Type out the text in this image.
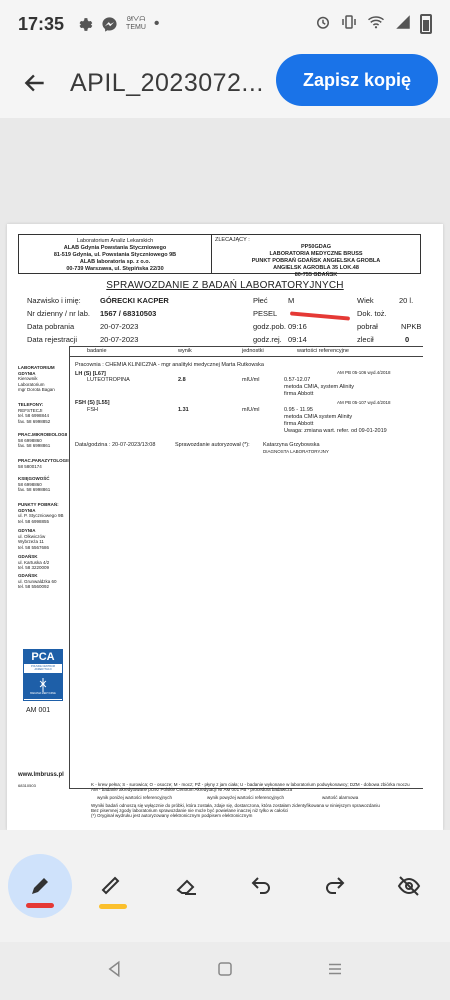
17:35	ᘛᐯᗩ
TEMU •
APIL_2023072...	Zapisz kopię
Laboratorium Analiz Lekarskich
ALAB Gdynia Powstania Styczniowego
81-519 Gdynia, ul. Powstania Styczniowego 9B
ALAB laboratoria sp. z o.o.
00-739 Warszawa, ul. Stępińska 22/30
ZLECAJĄCY :
PP50GDAG
LABORATORIA MEDYCZNE BRUSS
PUNKT POBRAŃ GDAŃSK ANGIELSKA GROBLA
ANGIELSK AGROBLA 35 LOK.48
80-755 GDAŃSK
SPRAWOZDANIE Z BADAŃ LABORATORYJNYCH
Nazwisko i imię:	GÓRECKI KACPER
Nr dzienny / nr lab. 1567 / 68310503
Data pobrania	20-07-2023
Data rejestracji	20-07-2023
Płeć	M
PESEL
godz.pob. 09:16
godz.rej. 09:14
Wiek	20 l.
Dok. toż.
pobrał	NPKB
zlecił	0
badanie	wynik	jednostki	wartości referencyjne
Pracownia : CHEMIA KLINICZNA - mgr analityki medycznej Marta Rutkowska
AM PB 05-106 wyd.4/2018
LH (S) [L67]
LUTEOTROPINA	2.8	mIU/ml	0.57-12.07
metoda CMIA, system Alinity
firma Abbott
AM PB 05-107 wyd.4/2018
FSH (S) [L55]
FSH	1.31	mIU/ml	0.95 - 11.95
metoda CMIA system Alinity
firma Abbott
Uwaga: zmiana wart. refer. od 09-01-2019
Data/godzina : 20-07-2023/13:08	Sprawozdanie autoryzował (*): Katarzyna Grzybowska
DIAGNOSTA LABORATORYJNY
LABORATORIUM GDYNIA
Kierownik
Laboratorium
mgr Dorota Bagan
TELEFONY:
REFSTECJI
tel. 58 6998844
fax. 58 6998852
PRAC.MIKROBIOLOGII
58 6998860
fax. 58 6998861
PRAC.PARAZYTOLOGII
58 5800174
KSIĘGOWOŚĆ
58 6998860
fax. 58 6998861
PUNKTY POBRAŃ:
GDYNIA
ul. P. Styczniowego 9B
tel. 58 6998855
GDYNIA
ul. Olkwiczów
Wybrzeża 11
tel. 58 5567686
GDAŃSK
ul. Kartuska 4/2
tel. 58 3220009
GDAŃSK
ul. Grunwaldzka 60
tel. 58 5560092
PCA
POLSKIE CENTRUM AKREDYTACJI
BADANIA MEDYCZNE
AM 001
www.lmbruss.pl
68310503	K - krew pełna; S - surowica; O - osocze; M - mocz; PŻ - płyny z jam ciała; U - badanie wykonane w laboratorium podwykonawcy; DZM - dobowa zbiórka moczu
AM - badanie akredytowane przez Polskie Centrum Akredytacji Nr AM 001 PB - procedura badawcza
wynik poniżej wartości referencyjnych	wynik powyżej wartości referencyjnych	wartość alarmowa
Wyniki badań odnoszą się wyłącznie do próbki, która została, zdaje się, dostarczona, która zostałam zidentyfikowana w niniejszym sprawozdaniu
Bez pisemnej zgody laboratorium sprawozdanie nie może być powielane inaczej niż tylko w całości
(*) Oryginał wydruku jest autoryzowany elektronicznym podpisem elektronicznym
